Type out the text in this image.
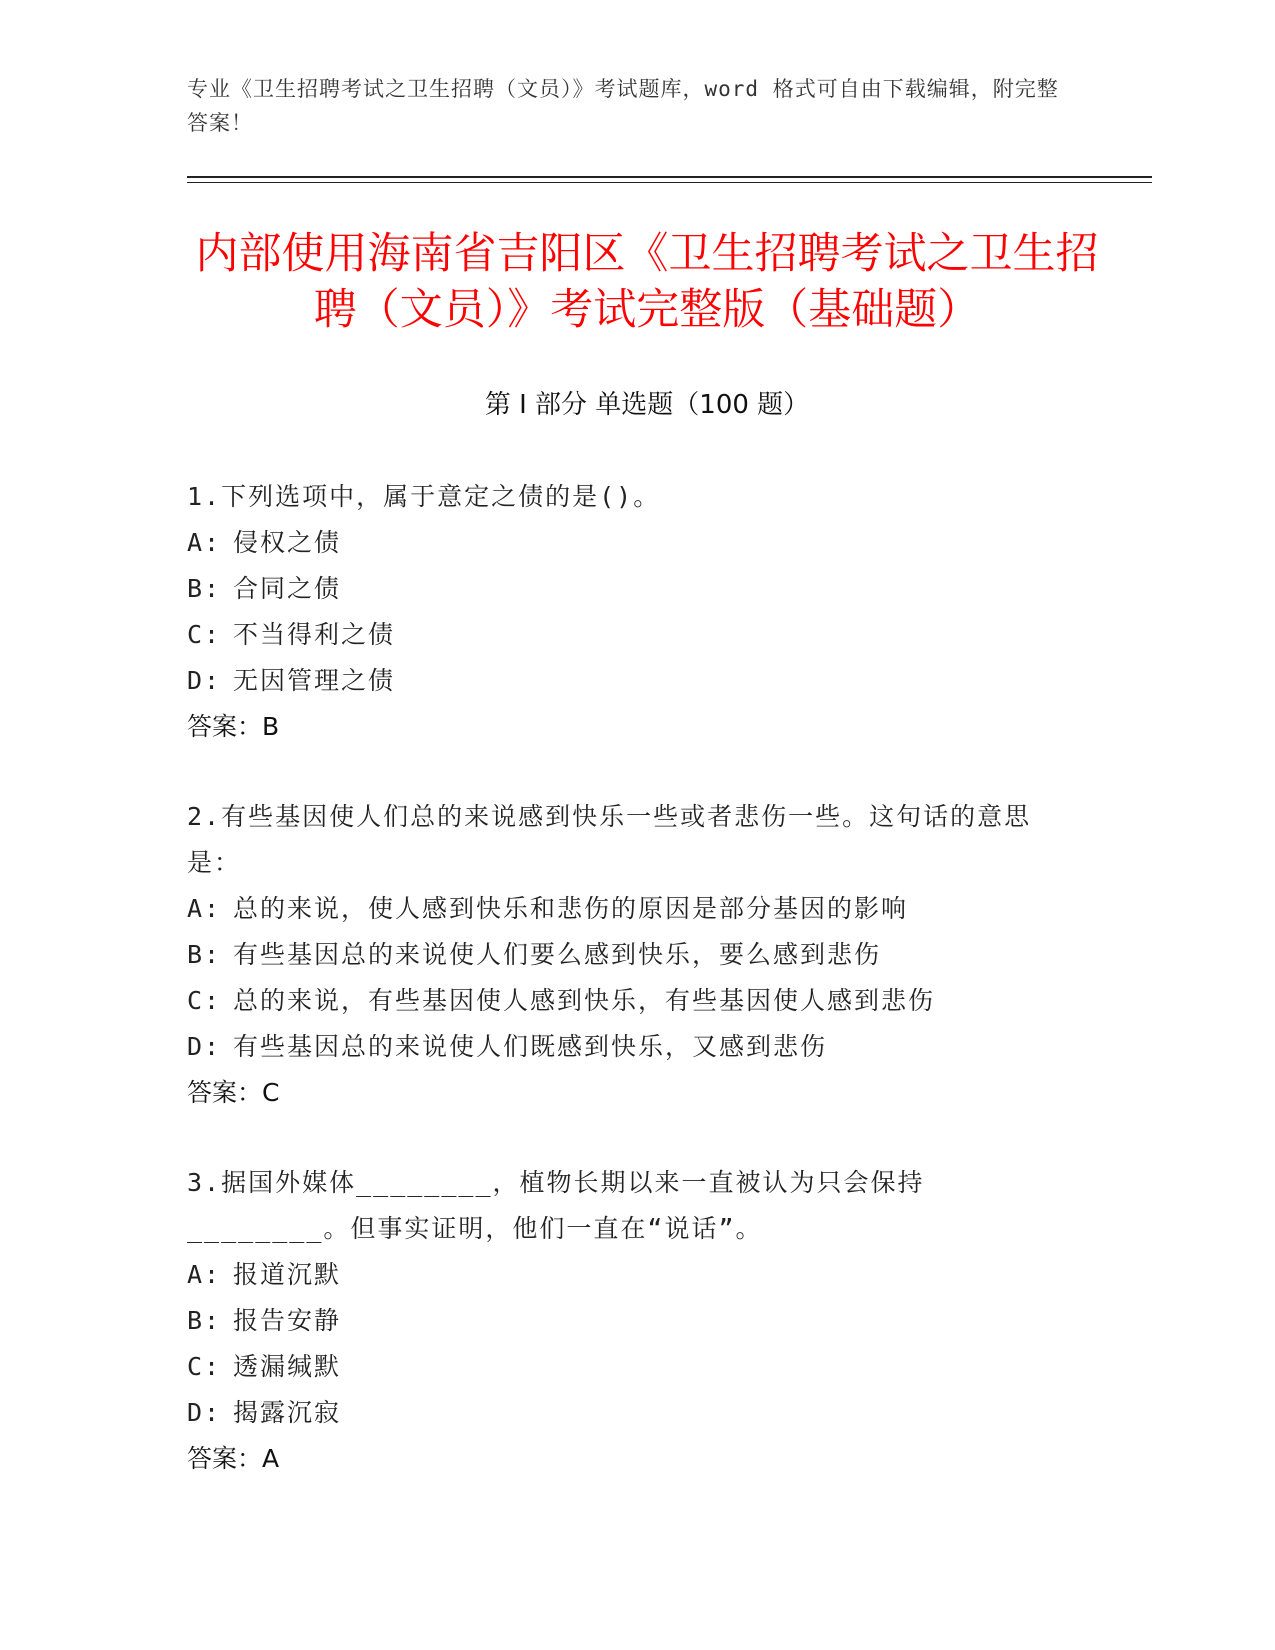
专业《卫生招聘考试之卫生招聘（文员）》考试题库，word 格式可自由下载编辑，附完整答案！
内部使用海南省吉阳区《卫生招聘考试之卫生招聘（文员）》考试完整版（基础题）
第 I 部分 单选题（100 题）
1.下列选项中，属于意定之债的是()。
A: 侵权之债
B: 合同之债
C: 不当得利之债
D: 无因管理之债
答案：B
2.有些基因使人们总的来说感到快乐一些或者悲伤一些。这句话的意思是：
A: 总的来说，使人感到快乐和悲伤的原因是部分基因的影响
B: 有些基因总的来说使人们要么感到快乐，要么感到悲伤
C: 总的来说，有些基因使人感到快乐，有些基因使人感到悲伤
D: 有些基因总的来说使人们既感到快乐，又感到悲伤
答案：C
3.据国外媒体________，植物长期以来一直被认为只会保持________。但事实证明，他们一直在“说话”。
A: 报道沉默
B: 报告安静
C: 透漏缄默
D: 揭露沉寂
答案：A
